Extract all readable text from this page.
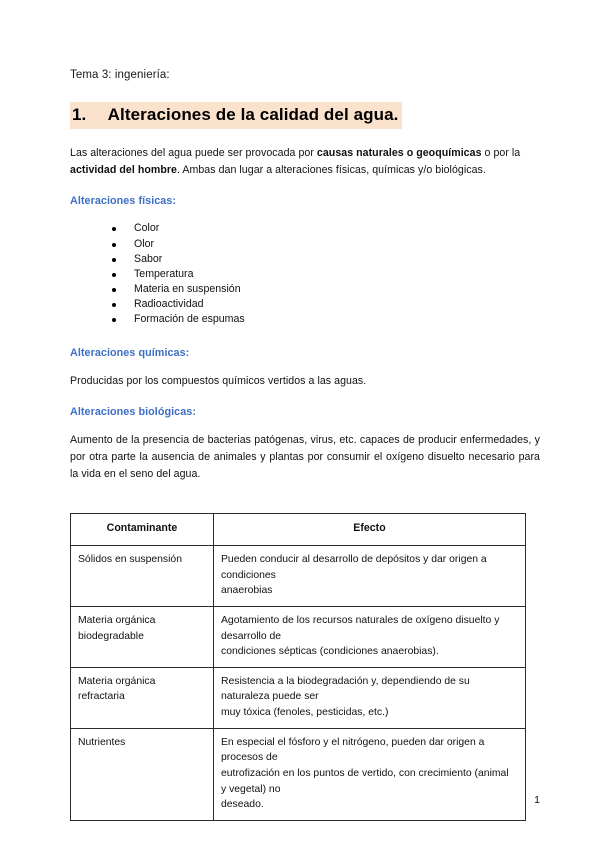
Tema 3: ingeniería:
1.  Alteraciones de la calidad del agua.

Las alteraciones del agua puede ser provocada por causas naturales o geoquímicas o por la actividad del hombre. Ambas dan lugar a alteraciones físicas, químicas y/o biológicas.

Alteraciones físicas:
Color
Olor
Sabor
Temperatura
Materia en suspensión
Radioactividad
Formación de espumas
Alteraciones químicas:

Producidas por los compuestos químicos vertidos a las aguas.

Alteraciones biológicas:

Aumento de la presencia de bacterias patógenas, virus, etc. capaces de producir enfermedades, y por otra parte la ausencia de animales y plantas por consumir el oxígeno disuelto necesario para la vida en el seno del agua.

Contaminante	Efecto

Sólidos en suspensión	Pueden conducir al desarrollo de depósitos y dar origen a
condiciones
anaerobias

Materia orgánica
biodegradable	Agotamiento de los recursos naturales de oxígeno disuelto y
desarrollo de
condiciones sépticas (condiciones anaerobias).

Materia orgánica
refractaria	Resistencia a la biodegradación y, dependiendo de su
naturaleza puede ser
muy tóxica (fenoles, pesticidas, etc.)

Nutrientes	En especial el fósforo y el nitrógeno, pueden dar origen a
procesos de
eutrofización en los puntos de vertido, con crecimiento (animal
y vegetal) no
deseado.	1
